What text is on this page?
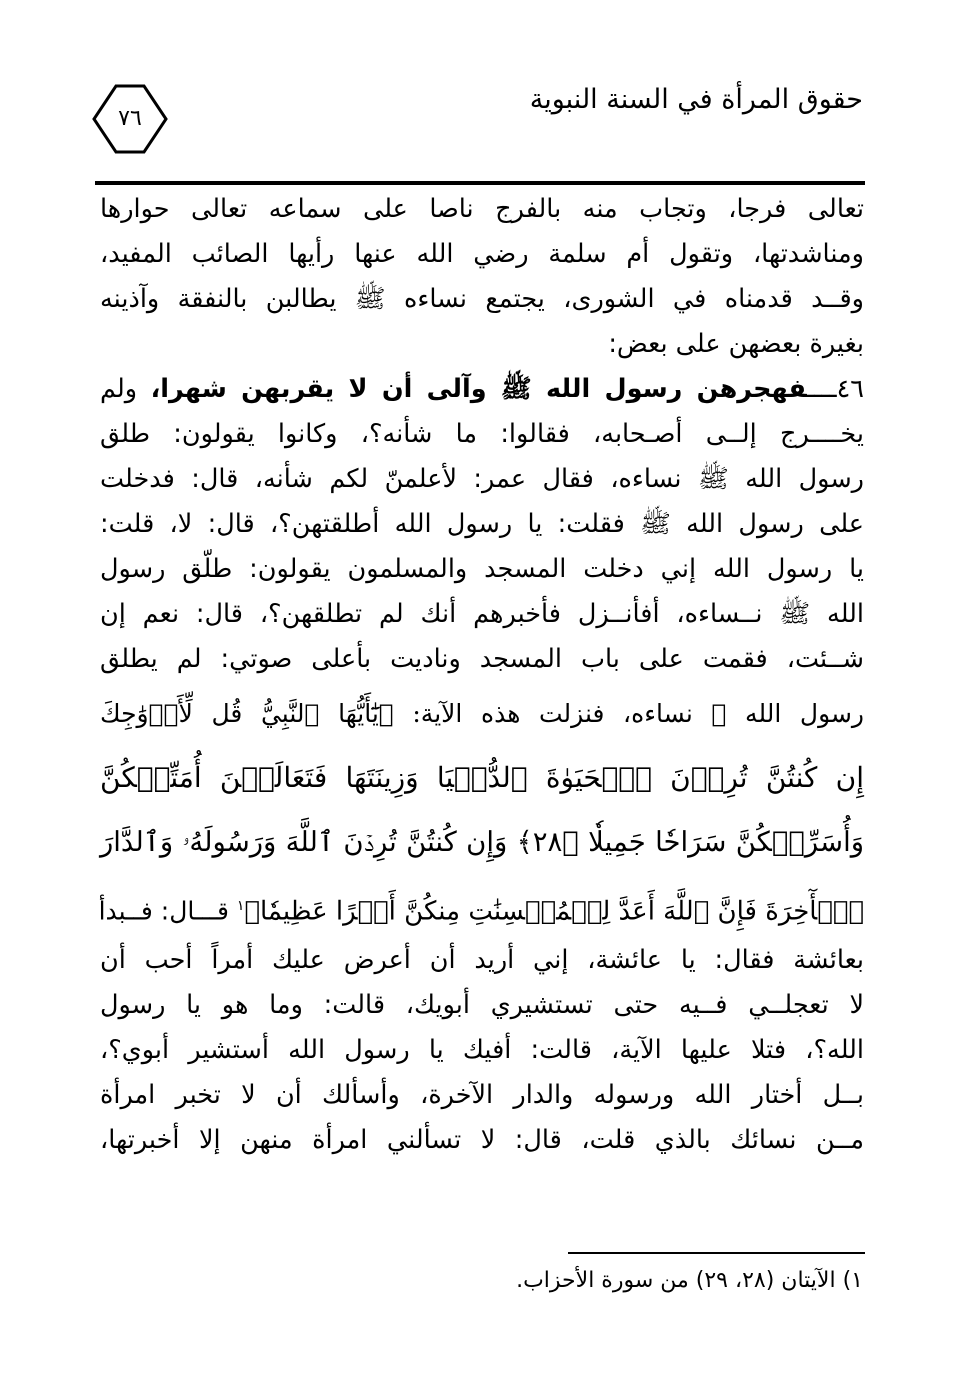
حقوق المرأة في السنة النبوية
٧٦
تعالى فرجا، وتجاب منه بالفرج ناصا على سماعه تعالى حوارها
ومناشدتها، وتقول أم سلمة رضي الله عنها رأيها الصائب المفيد،
وقــد قدمناه في الشورى، يجتمع نساءه ﷺ يطالبن بالنفقة وآذينه
بغيرة بعضهن على بعض:
٤٦ــــفهجرهن رسول الله ﷺ وآلى أن لا يقربهن شهرا، ولم
يخــــرج إلــى أصـحابه، فقالوا: ما شأنه؟، وكانوا يقولون: طلق
رسول الله ﷺ نساءه، فقال عمر: لأعلمنّ لكم شأنه، قال: فدخلت
على رسول الله ﷺ فقلت: يا رسول الله أطلقتهن؟، قال: لا، قلت:
يا رسول الله إني دخلت المسجد والمسلمون يقولون: طلّق رسول
الله ﷺ نــساءه، أفأنــزل فأخبرهم أنك لم تطلقهن؟، قال: نعم إن
شــئت، فقمت على باب المسجد وناديت بأعلى صوتي: لم يطلق
رسول الله ﷺ نساءه، فنزلت هذه الآية: ﴿يَٰٓأَيُّهَا ٱلنَّبِيُّ قُل لِّأَزۡوَٰجِكَ
إِن كُنتُنَّ تُرِدۡنَ ٱلۡحَيَوٰةَ ٱلدُّنۡيَا وَزِينَتَهَا فَتَعَالَيۡنَ أُمَتِّعۡكُنَّ
وَأُسَرِّحۡكُنَّ سَرَاحٗا جَمِيلٗا ﴿٢٨﴾ وَإِن كُنتُنَّ تُرِدۡنَ ٱللَّهَ وَرَسُولَهُۥ وَٱلدَّارَ
ٱلۡأٓخِرَةَ فَإِنَّ ٱللَّهَ أَعَدَّ لِلۡمُحۡسِنَٰتِ مِنكُنَّ أَجۡرًا عَظِيمٗا﴾$^١$ قـــال: فــبدأ
بعائشة فقال: يا عائشة، إني أريد أن أعرض عليك أمراً أحب أن
لا تعجلــي فــيه حتى تستشيري أبويك، قالت: وما هو يا رسول
الله؟، فتلا عليها الآية، قالت: أفيك يا رسول الله أستشير أبوي؟،
بــل أختار الله ورسوله والدار الآخرة، وأسألك أن لا تخبر امرأة
مــن نسائك بالذي قلت، قال: لا تسألني امرأة منهن إلا أخبرتها،
١) الآيتان (٢٨، ٢٩) من سورة الأحزاب.
